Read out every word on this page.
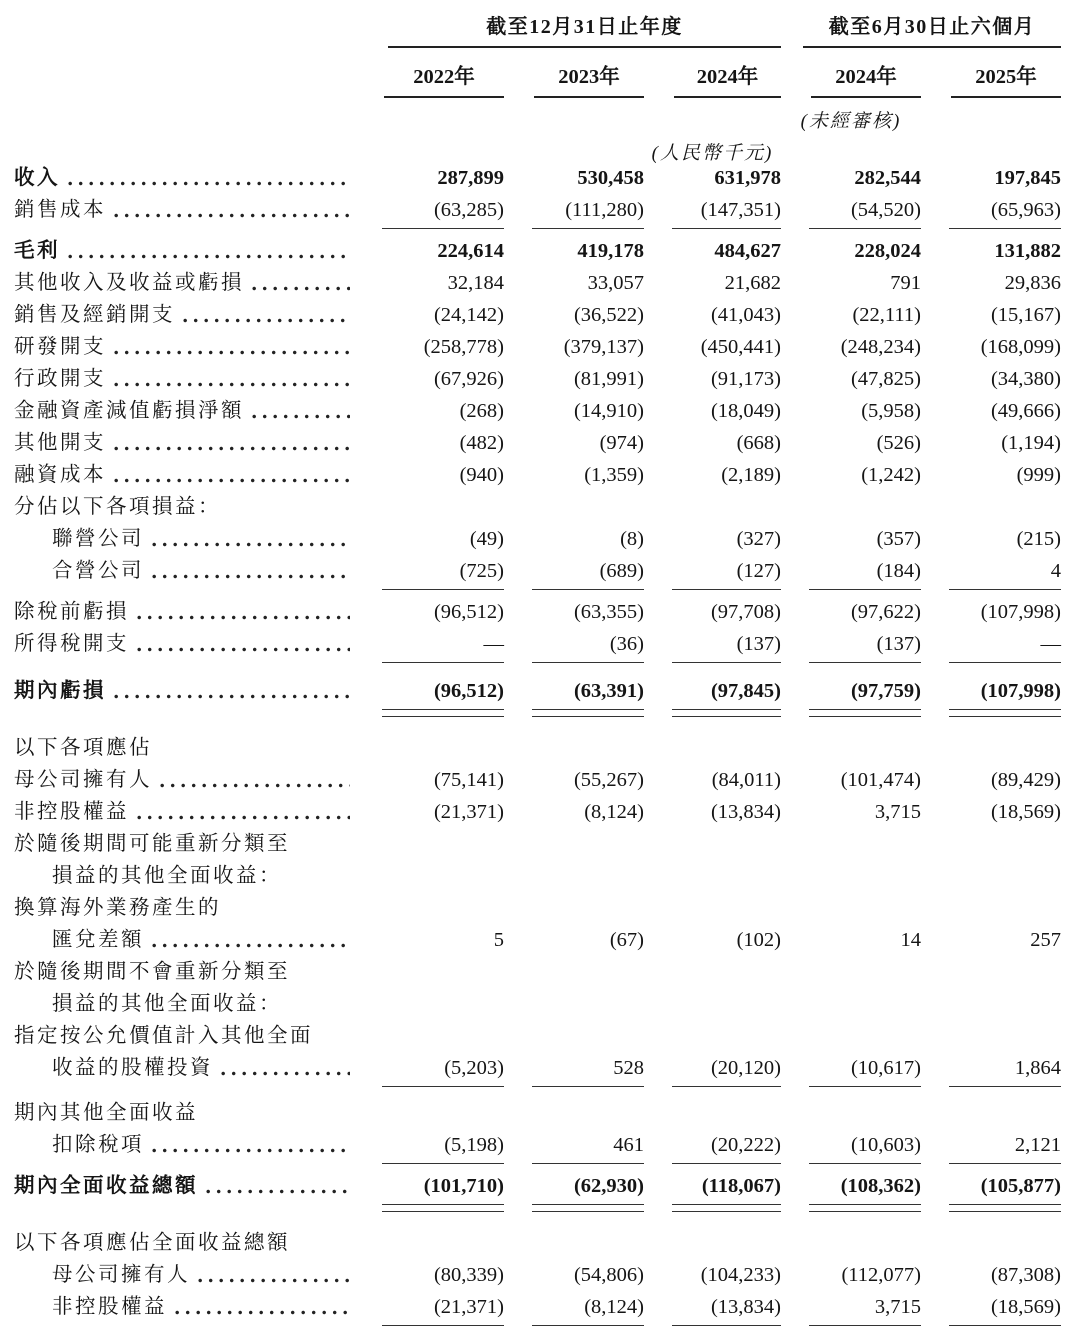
截至12月31日止年度	截至6月30日止六個月
2022年	2023年	2024年	2024年	2025年
(未經審核)
(人民幣千元)
收入	287,899	530,458	631,978	282,544	197,845
銷售成本	(63,285)	(111,280)	(147,351)	(54,520)	(65,963)
毛利	224,614	419,178	484,627	228,024	131,882
其他收入及收益或虧損	32,184	33,057	21,682	791	29,836
銷售及經銷開支	(24,142)	(36,522)	(41,043)	(22,111)	(15,167)
研發開支	(258,778)	(379,137)	(450,441)	(248,234)	(168,099)
行政開支	(67,926)	(81,991)	(91,173)	(47,825)	(34,380)
金融資產減值虧損淨額	(268)	(14,910)	(18,049)	(5,958)	(49,666)
其他開支	(482)	(974)	(668)	(526)	(1,194)
融資成本	(940)	(1,359)	(2,189)	(1,242)	(999)
分佔以下各項損益：
聯營公司	(49)	(8)	(327)	(357)	(215)
合營公司	(725)	(689)	(127)	(184)	4
除稅前虧損	(96,512)	(63,355)	(97,708)	(97,622)	(107,998)
所得稅開支	—	(36)	(137)	(137)	—
期內虧損	(96,512)	(63,391)	(97,845)	(97,759)	(107,998)
以下各項應佔
母公司擁有人	(75,141)	(55,267)	(84,011)	(101,474)	(89,429)
非控股權益	(21,371)	(8,124)	(13,834)	3,715	(18,569)
於隨後期間可能重新分類至
損益的其他全面收益：
換算海外業務產生的
匯兌差額	5	(67)	(102)	14	257
於隨後期間不會重新分類至
損益的其他全面收益：
指定按公允價值計入其他全面
收益的股權投資	(5,203)	528	(20,120)	(10,617)	1,864
期內其他全面收益
扣除稅項	(5,198)	461	(20,222)	(10,603)	2,121
期內全面收益總額	(101,710)	(62,930)	(118,067)	(108,362)	(105,877)
以下各項應佔全面收益總額
母公司擁有人	(80,339)	(54,806)	(104,233)	(112,077)	(87,308)
非控股權益	(21,371)	(8,124)	(13,834)	3,715	(18,569)
